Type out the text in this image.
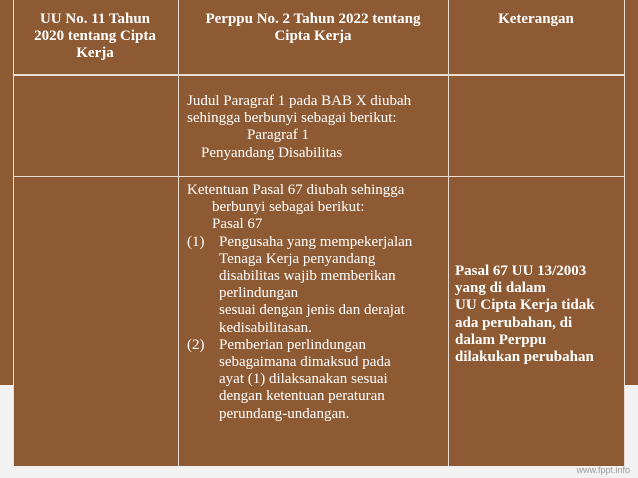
UU No. 11 Tahun
2020 tentang Cipta
Kerja
Perppu No. 2 Tahun 2022 tentang
Cipta Kerja
Keterangan
Judul Paragraf 1 pada BAB X diubah
sehingga berbunyi sebagai berikut:
Paragraf 1
Penyandang Disabilitas
Ketentuan Pasal 67 diubah sehingga
berbunyi sebagai berikut:
Pasal 67
(1) Pengusaha yang mempekerjalan
Tenaga Kerja penyandang
disabilitas wajib memberikan
perlindungan
sesuai dengan jenis dan derajat
kedisabilitasan.
(2) Pemberian perlindungan
sebagaimana dimaksud pada
ayat (1) dilaksanakan sesuai
dengan ketentuan peraturan
perundang-undangan.
Pasal 67 UU 13/2003
yang di dalam
UU Cipta Kerja tidak
ada perubahan, di
dalam Perppu
dilakukan perubahan
www.fppt.info
